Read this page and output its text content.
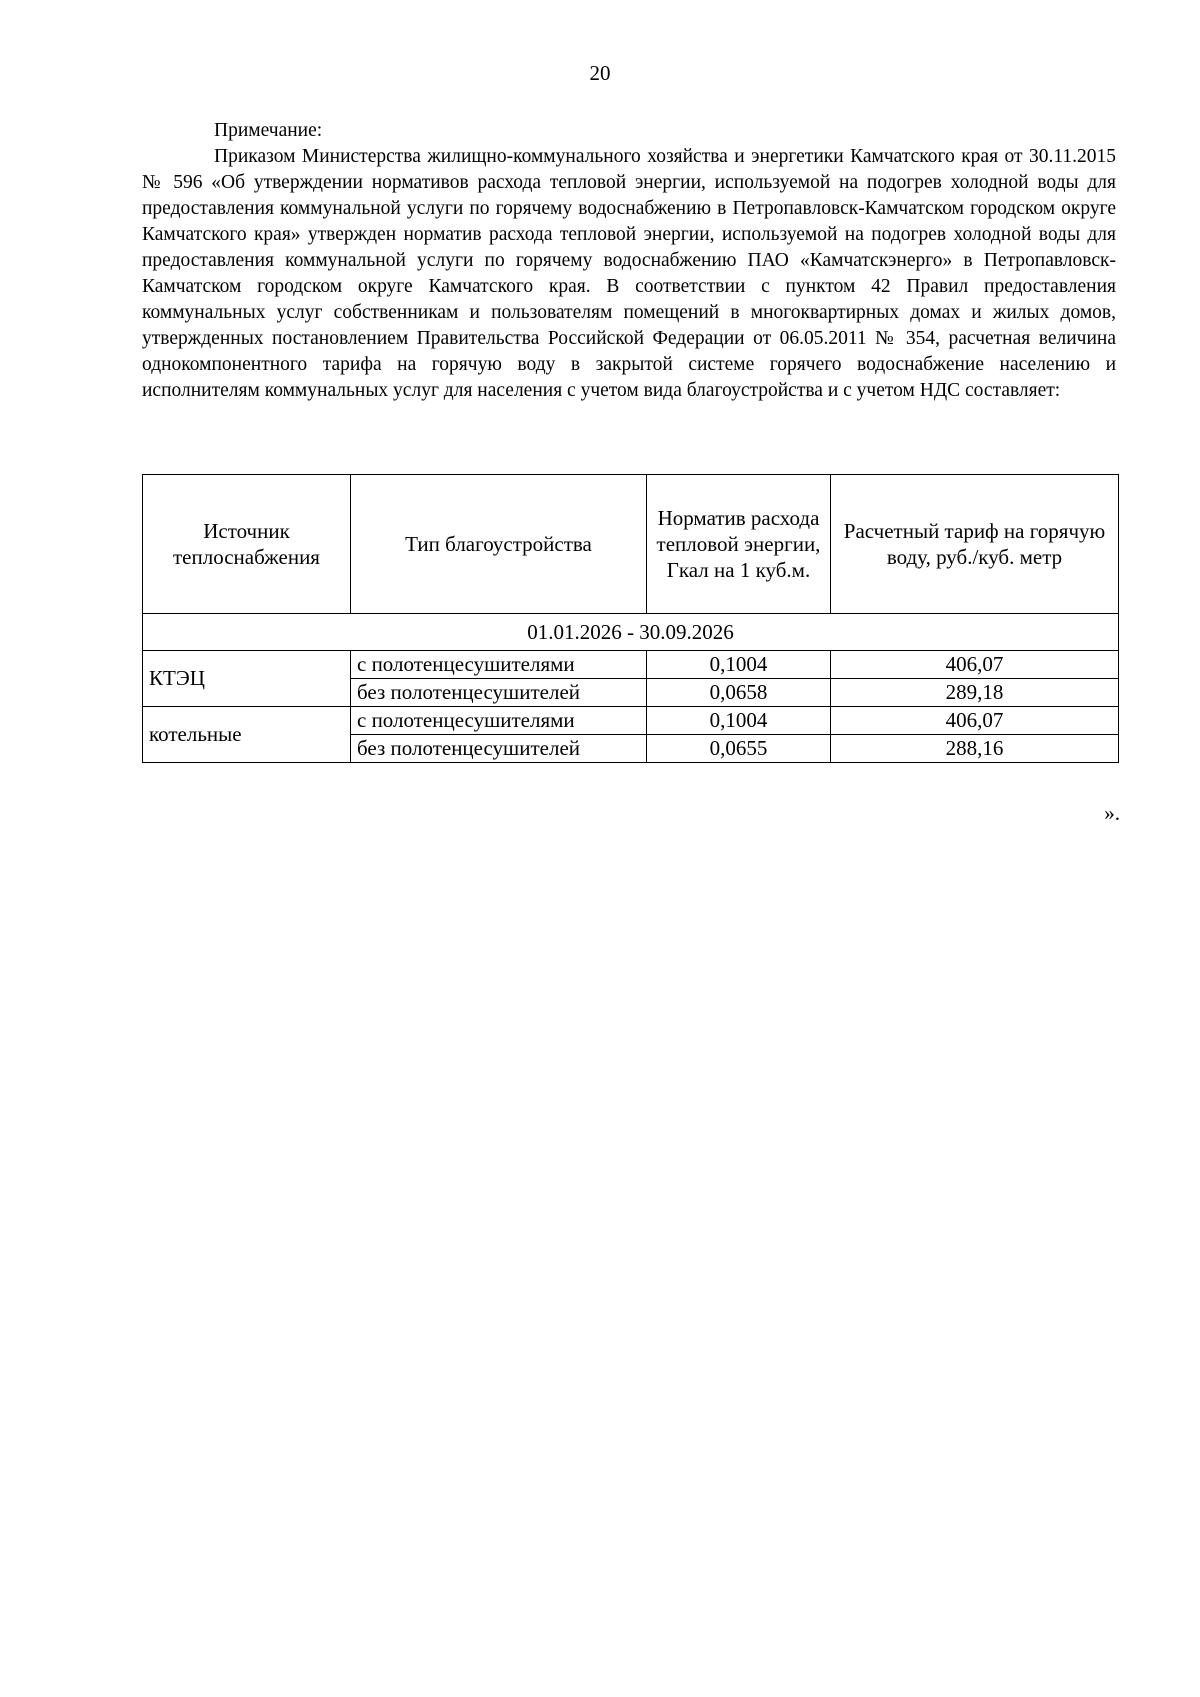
20

Примечание:

Приказом Министерства жилищно-коммунального хозяйства и энергетики Камчатского края от 30.11.2015 № 596 «Об утверждении нормативов расхода тепловой энергии, используемой на подогрев холодной воды для предоставления коммунальной услуги по горячему водоснабжению в Петропавловск-Камчатском городском округе Камчатского края» утвержден норматив расхода тепловой энергии, используемой на подогрев холодной воды для предоставления коммунальной услуги по горячему водоснабжению ПАО «Камчатскэнерго» в Петропавловск-Камчатском городском округе Камчатского края. В соответствии с пунктом 42 Правил предоставления коммунальных услуг собственникам и пользователям помещений в многоквартирных домах и жилых домов, утвержденных постановлением Правительства Российской Федерации от 06.05.2011 № 354, расчетная величина однокомпонентного тарифа на горячую воду в закрытой системе горячего водоснабжение населению и исполнителям коммунальных услуг для населения с учетом вида благоустройства и с учетом НДС составляет:

Источник теплоснабжения	Тип благоустройства	Норматив расхода тепловой энергии, Гкал на 1 куб.м.	Расчетный тариф на горячую воду, руб./куб. метр
01.01.2026 - 30.09.2026			
КТЭЦ	с полотенцесушителями	0,1004	406,07
	без полотенцесушителей	0,0658	289,18
котельные	с полотенцесушителями	0,1004	406,07
	без полотенцесушителей	0,0655	288,16
».
